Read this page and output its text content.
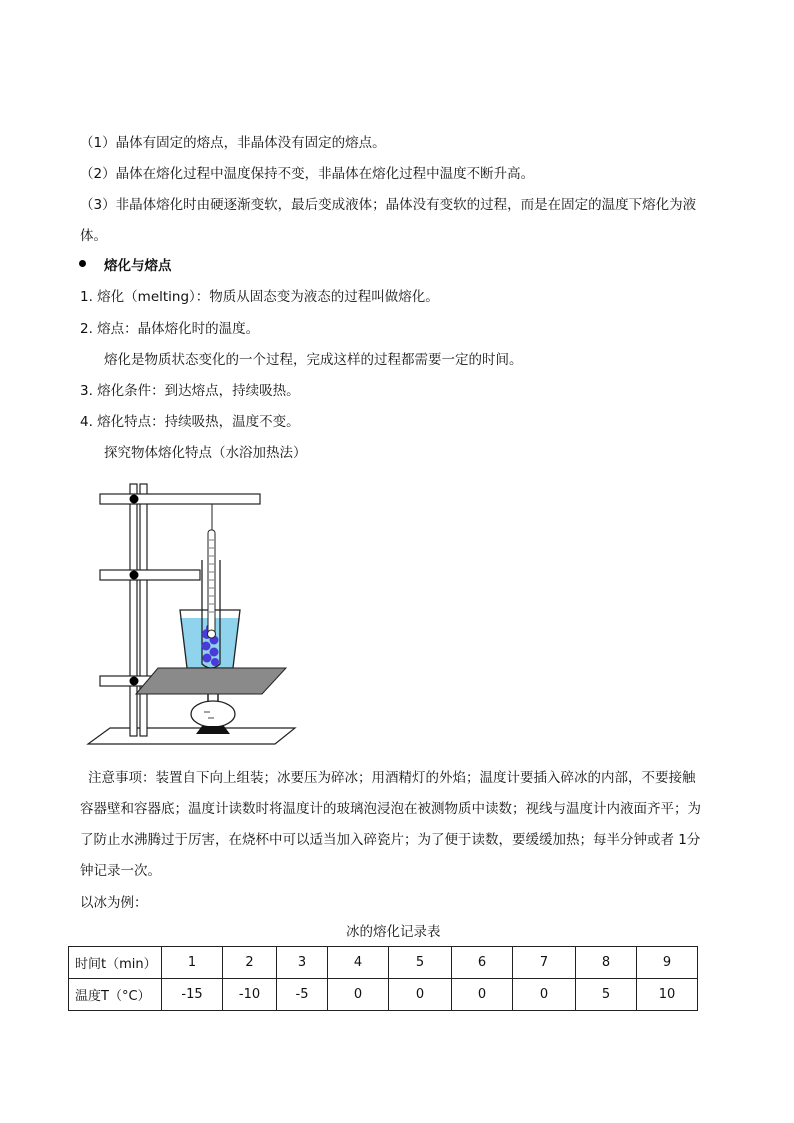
（1）晶体有固定的熔点，非晶体没有固定的熔点。
（2）晶体在熔化过程中温度保持不变，非晶体在熔化过程中温度不断升高。
（3）非晶体熔化时由硬逐渐变软，最后变成液体；晶体没有变软的过程，而是在固定的温度下熔化为液
体。
熔化与熔点
1. 熔化（melting）：物质从固态变为液态的过程叫做熔化。
2. 熔点：晶体熔化时的温度。
熔化是物质状态变化的一个过程，完成这样的过程都需要一定的时间。
3. 熔化条件：到达熔点，持续吸热。
4. 熔化特点：持续吸热，温度不变。
探究物体熔化特点（水浴加热法）
注意事项：装置自下向上组装；冰要压为碎冰；用酒精灯的外焰；温度计要插入碎冰的内部，不要接触
容器壁和容器底；温度计读数时将温度计的玻璃泡浸泡在被测物质中读数；视线与温度计内液面齐平；为
了防止水沸腾过于厉害，在烧杯中可以适当加入碎瓷片；为了便于读数，要缓缓加热；每半分钟或者 1分
钟记录一次。
以冰为例：
冰的熔化记录表
时间t（min）	1	2	3	4	5	6	7	8	9
温度T（°C）	-15	-10	-5	0	0	0	0	5	10
